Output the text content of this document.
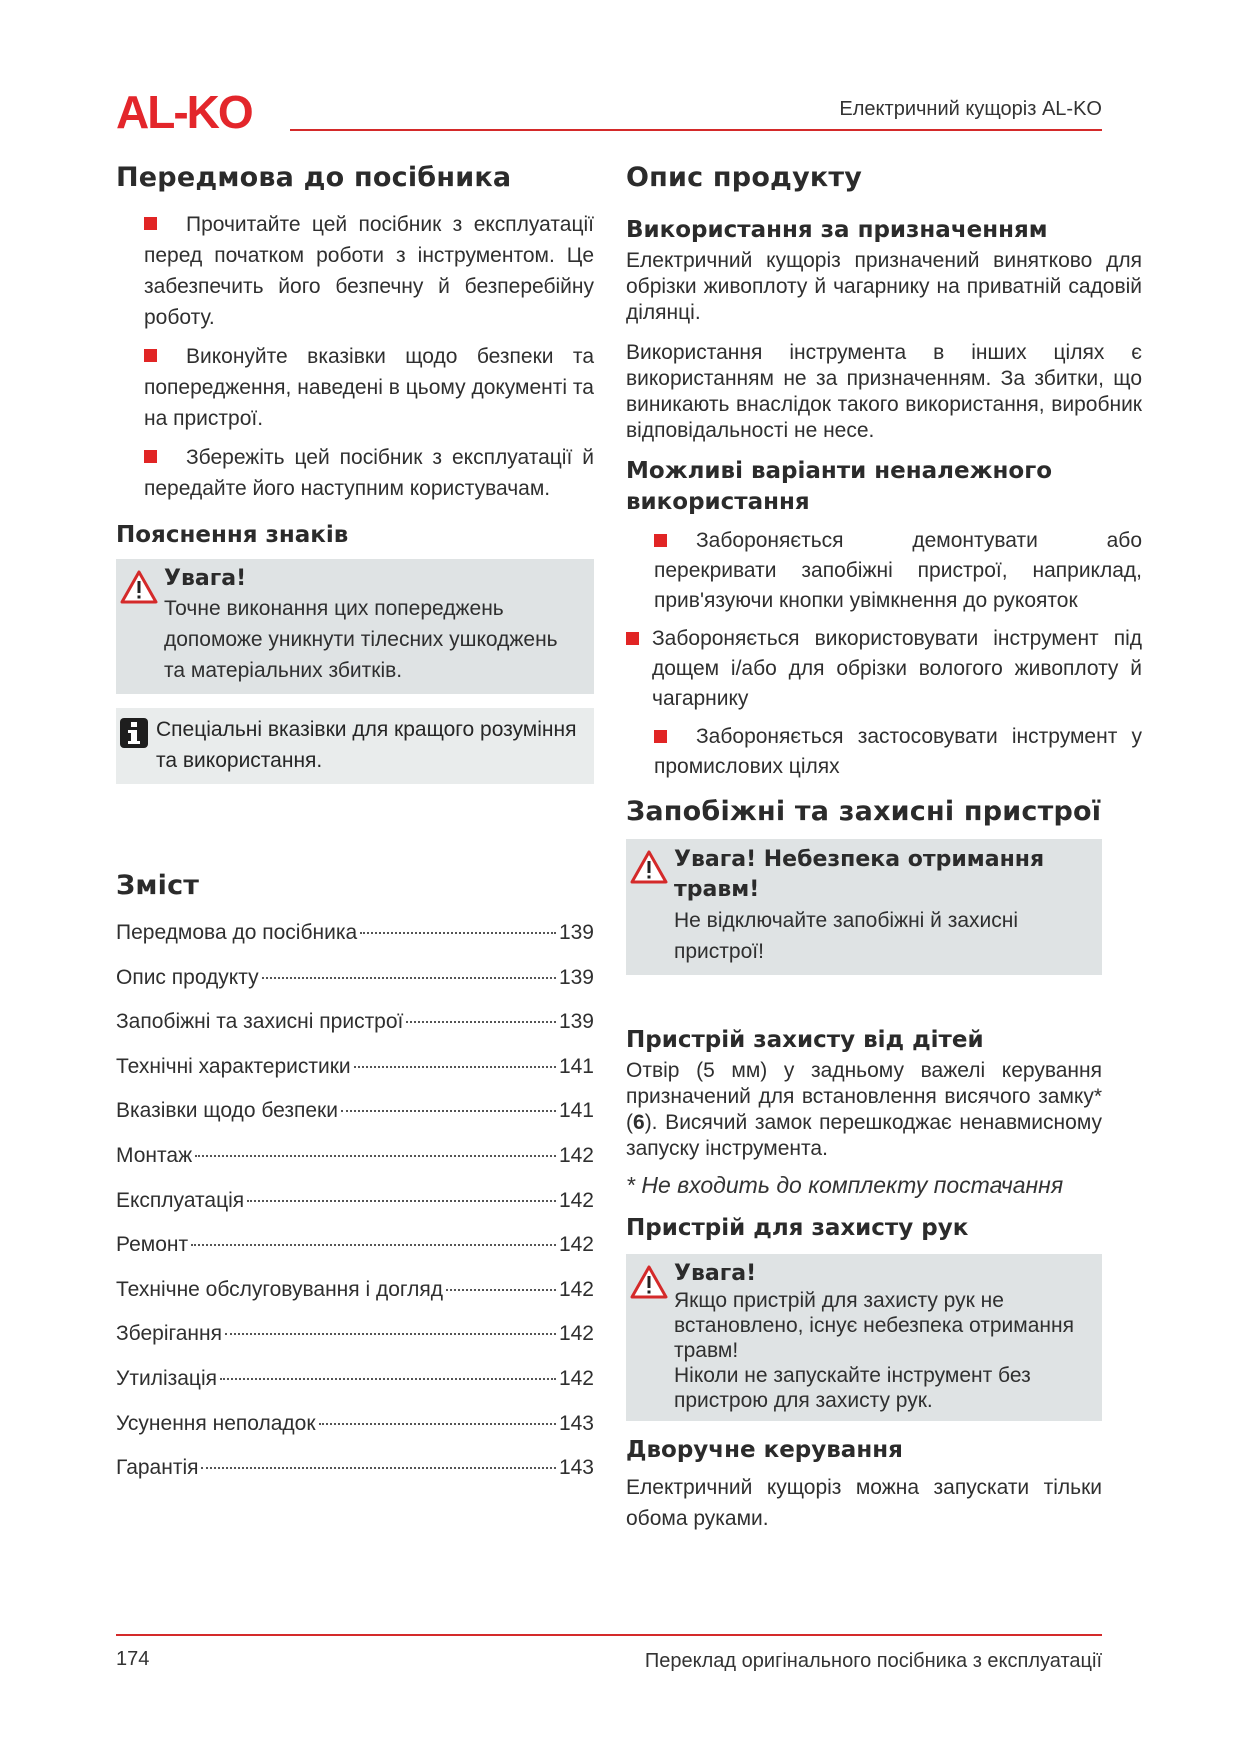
AL-KO	Електричний кущоріз AL-KO
Передмова до посібника
Прочитайте цей посібник з експлуатації перед початком роботи з інструментом. Це забезпечить його безпечну й безперебійну роботу.
Виконуйте вказівки щодо безпеки та попередження, наведені в цьому документі та на пристрої.
Збережіть цей посібник з експлуатації й передайте його наступним користувачам.
Пояснення знаків
Увага!
Точне виконання цих попереджень допоможе уникнути тілесних ушкоджень та матеріальних збитків.
Спеціальні вказівки для кращого розуміння та використання.
Зміст
Передмова до посібника	139
Опис продукту	139
Запобіжні та захисні пристрої	139
Технічні характеристики	141
Вказівки щодо безпеки	141
Монтаж	142
Експлуатація	142
Ремонт	142
Технічне обслуговування і догляд	142
Зберігання	142
Утилізація	142
Усунення неполадок	143
Гарантія	143
Опис продукту
Використання за призначенням

Електричний кущоріз призначений винятково для обрізки живоплоту й чагарнику на приватній садовій ділянці.

Використання інструмента в інших цілях є використанням не за призначенням. За збитки, що виникають внаслідок такого використання, виробник відповідальності не несе.

Можливі варіанти неналежного використання
Забороняється демонтувати або перекривати запобіжні пристрої, наприклад, прив'язуючи кнопки увімкнення до рукояток
Забороняється використовувати інструмент під дощем і/або для обрізки вологого живоплоту й чагарнику
Забороняється застосовувати інструмент у промислових цілях
Запобіжні та захисні пристрої
Увага! Небезпека отримання травм!
Не відключайте запобіжні й захисні пристрої!
Пристрій захисту від дітей

Отвір (5 мм) у задньому важелі керування призначений для встановлення висячого замку* (6). Висячий замок перешкоджає ненавмисному запуску інструмента.

* Не входить до комплекту постачання

Пристрій для захисту рук
Увага!
Якщо пристрій для захисту рук не встановлено, існує небезпека отримання травм!
Ніколи не запускайте інструмент без пристрою для захисту рук.
Дворучне керування

Електричний кущоріз можна запускати тільки обома руками.

174	Переклад оригінального посібника з експлуатації
